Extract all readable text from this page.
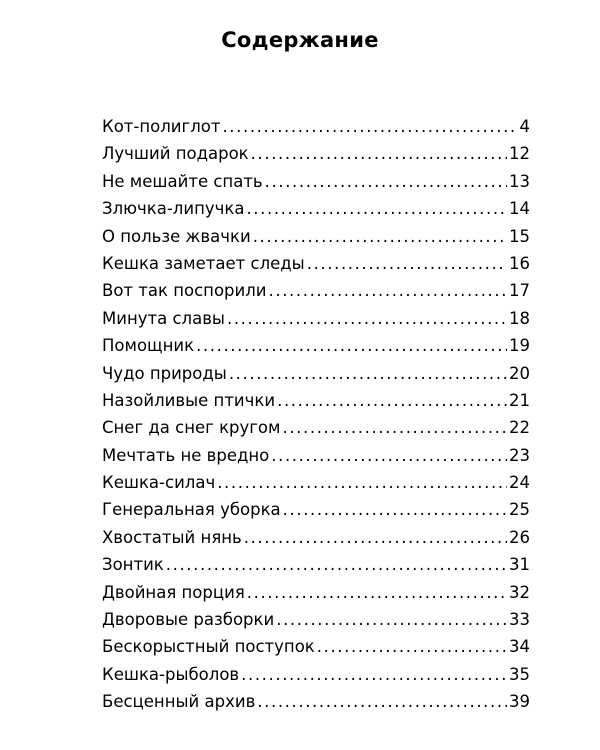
Содержание
Кот-полиглот .....	4
Лучший подарок .....	12
Не мешайте спать .....	13
Злючка-липучка .....	14
О пользе жвачки .....	15
Кешка заметает следы .....	16
Вот так поспорили .....	17
Минута славы .....	18
Помощник .....	19
Чудо природы .....	20
Назойливые птички .....	21
Снег да снег кругом .....	22
Мечтать не вредно .....	23
Кешка-силач .....	24
Генеральная уборка .....	25
Хвостатый нянь .....	26
Зонтик .....	31
Двойная порция .....	32
Дворовые разборки .....	33
Бескорыстный поступок .....	34
Кешка-рыболов .....	35
Бесценный архив .....	39
